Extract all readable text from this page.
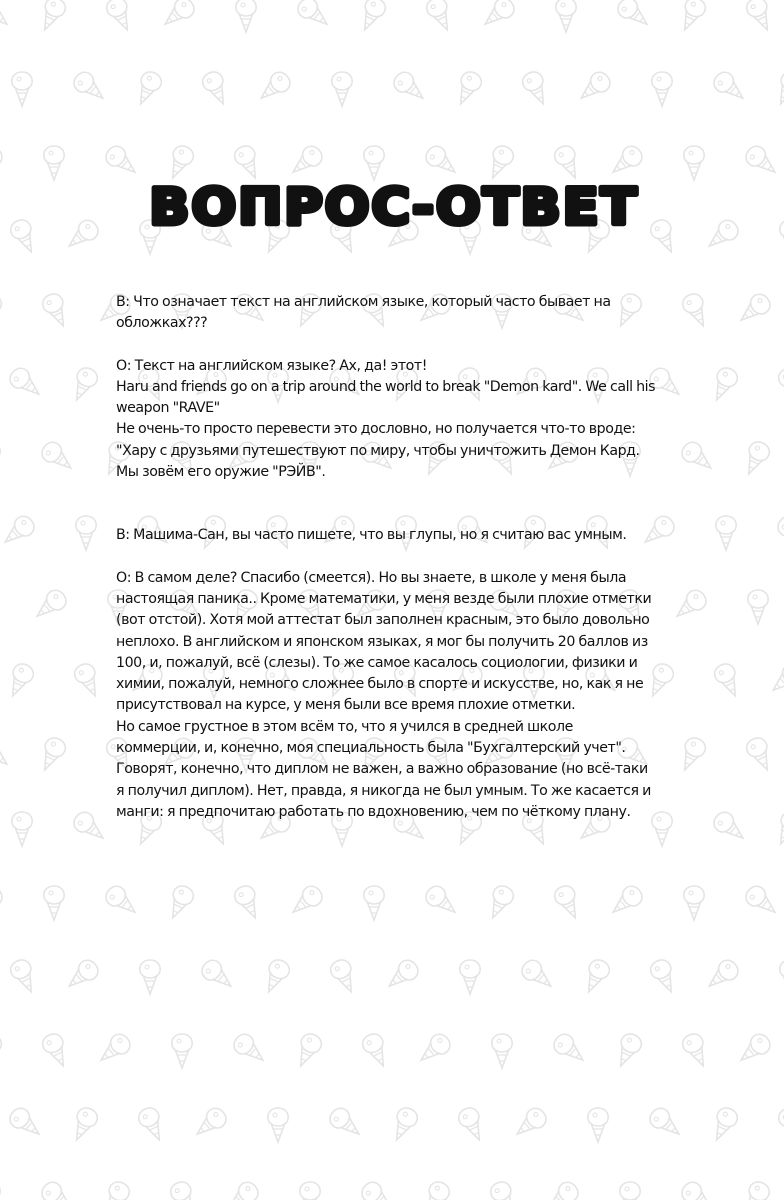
ВОПРОС-ОТВЕТ

В: Что означает текст на английском языке, который часто бывает на обложках???

О: Текст на английском языке? Ах, да! этот!

Haru and friends go on a trip around the world to break "Demon kard". We call his weapon "RAVE"

Не очень-то просто перевести это дословно, но получается что-то вроде: "Хару с друзьями путешествуют по миру, чтобы уничтожить Демон Кард. Мы зовём его оружие "РЭЙВ".

В: Машима-Сан, вы часто пишете, что вы глупы, но я считаю вас умным.

О: В самом деле? Спасибо (смеется). Но вы знаете, в школе у меня была настоящая паника.. Кроме математики, у меня везде были плохие отметки (вот отстой). Хотя мой аттестат был заполнен красным, это было довольно неплохо. В английском и японском языках, я мог бы получить 20 баллов из 100, и, пожалуй, всё (слезы). То же самое касалось социологии, физики и химии, пожалуй, немного сложнее было в спорте и искусстве, но, как я не присутствовал на курсе, у меня были все время плохие отметки.

Но самое грустное в этом всём то, что я учился в средней школе коммерции, и, конечно, моя специальность была "Бухгалтерский учет". Говорят, конечно, что диплом не важен, а важно образование (но всё-таки я получил диплом). Нет, правда, я никогда не был умным. То же касается и манги: я предпочитаю работать по вдохновению, чем по чёткому плану.
